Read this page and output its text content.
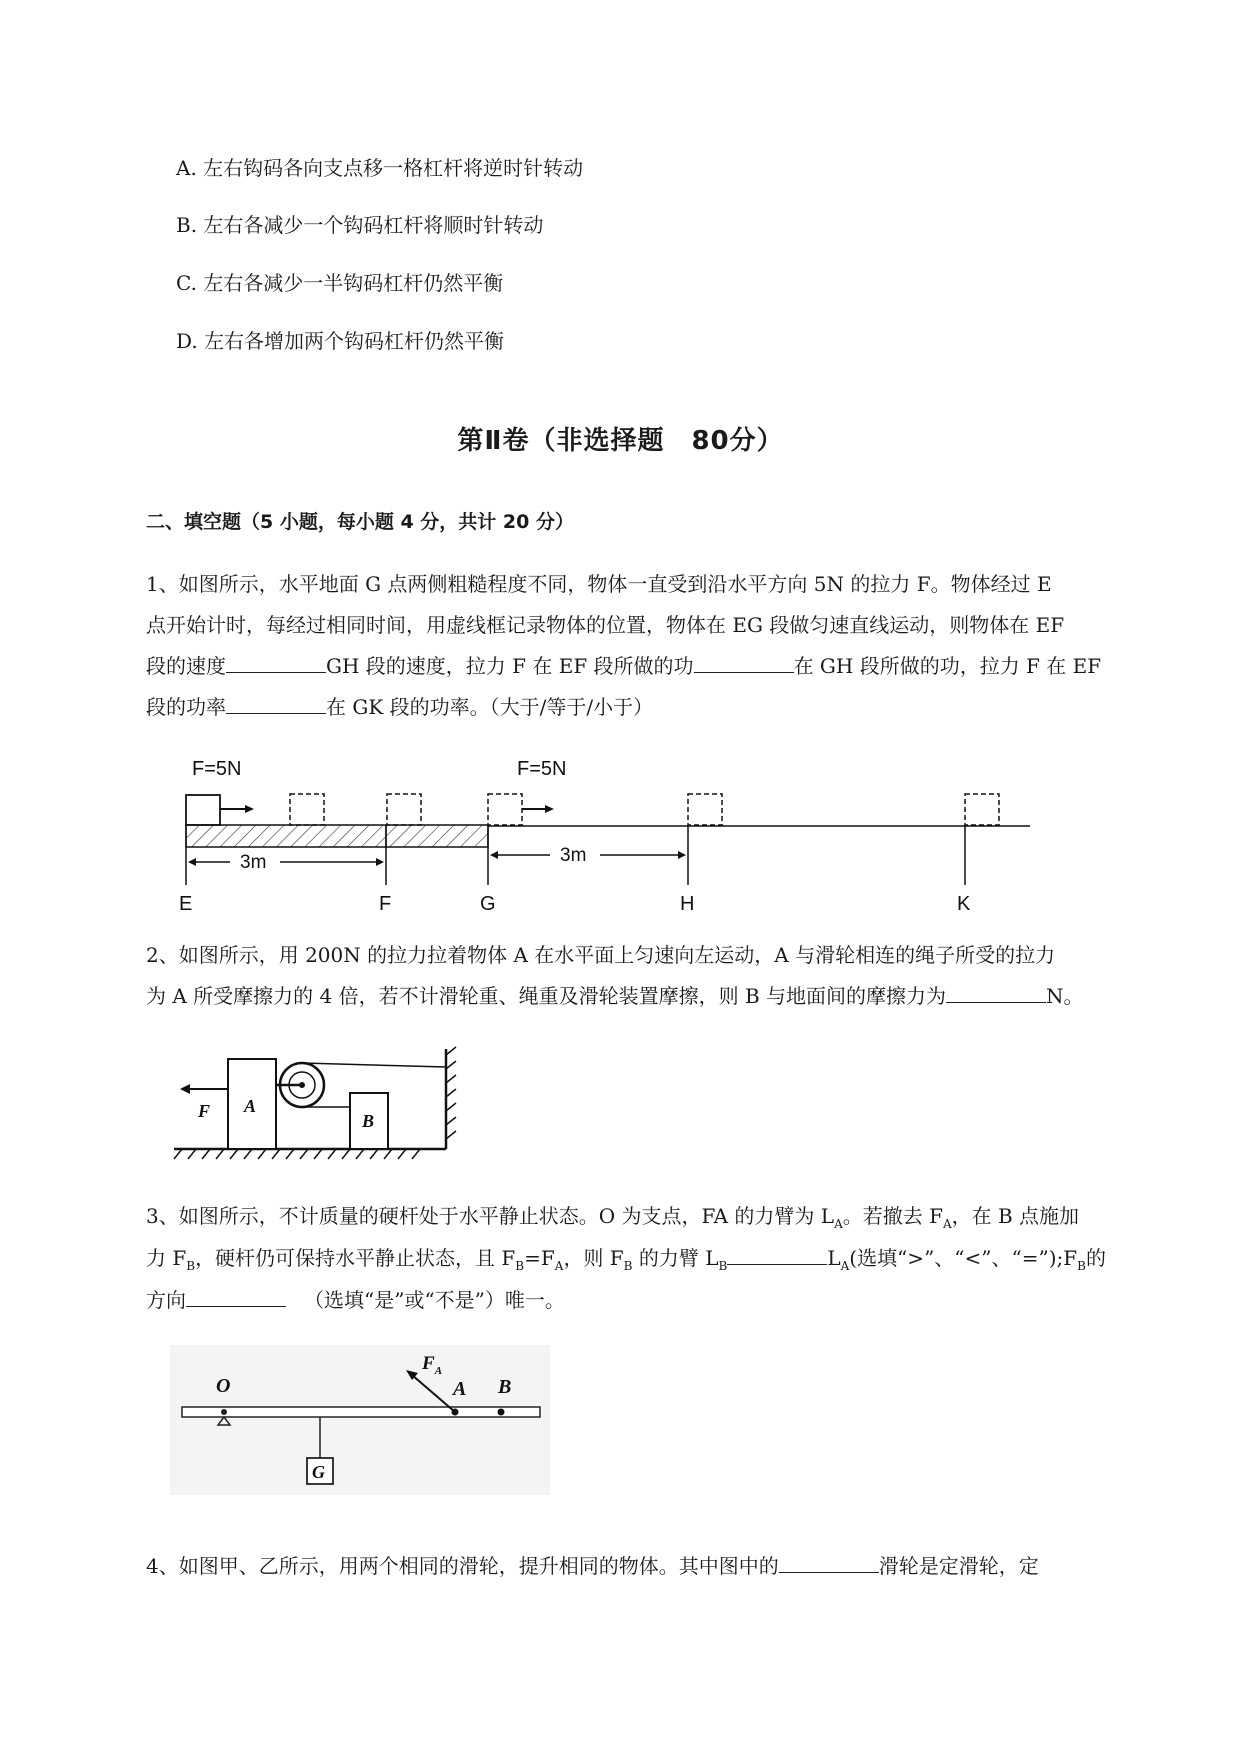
A. 左右钩码各向支点移一格杠杆将逆时针转动
B. 左右各减少一个钩码杠杆将顺时针转动
C. 左右各减少一半钩码杠杆仍然平衡
D. 左右各增加两个钩码杠杆仍然平衡
第Ⅱ卷（非选择题　80分）
二、填空题（5 小题，每小题 4 分，共计 20 分）
1、如图所示，水平地面 G 点两侧粗糙程度不同，物体一直受到沿水平方向 5N 的拉力 F。物体经过 E
点开始计时，每经过相同时间，用虚线框记录物体的位置，物体在 EG 段做匀速直线运动，则物体在 EF
段的速度	GH 段的速度，拉力 F 在 EF 段所做的功	在 GH 段所做的功，拉力 F 在 EF
段的功率	在 GK 段的功率。（大于/等于/小于）
F=5N	F=5N
3m	3m
E	F	G	H	K
2、如图所示，用 200N 的拉力拉着物体 A 在水平面上匀速向左运动，A 与滑轮相连的绳子所受的拉力
为 A 所受摩擦力的 4 倍，若不计滑轮重、绳重及滑轮装置摩擦，则 B 与地面间的摩擦力为	N。
A
F	B
3、如图所示，不计质量的硬杆处于水平静止状态。O 为支点，FA 的力臂为 $L_A$。若撤去 $F_A$，在 B 点施加
力 $F_B$，硬杆仍可保持水平静止状态，且 $F_B=F_A$，则 $F_B$ 的力臂 $L_B$	$L_A$(选填“>”、“<”、“$=”);F_B$的
方向	（选填“是”或“不是”）唯一。
O
G
A B
$F_A$
4、如图甲、乙所示，用两个相同的滑轮，提升相同的物体。其中图中的	滑轮是定滑轮，定
